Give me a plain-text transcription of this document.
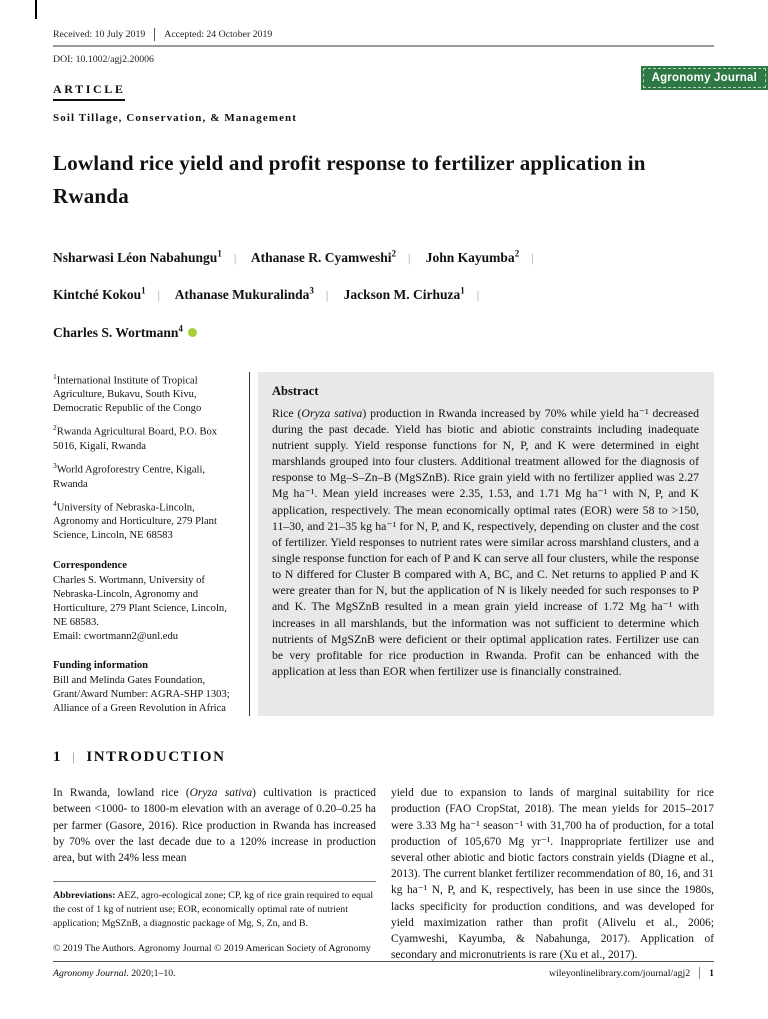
Agronomy Journal
Received: 10 July 2019 Accepted: 24 October 2019
DOI: 10.1002/agj2.20006
ARTICLE
Soil Tillage, Conservation, & Management
Lowland rice yield and profit response to fertilizer application in Rwanda
Nsharwasi Léon Nabahungu$^1$ | Athanase R. Cyamweshi$^2$ | John Kayumba$^2$ |
Kintché Kokou$^1$ | Athanase Mukuralinda$^3$ | Jackson M. Cirhuza$^1$ |
Charles S. Wortmann$^4$

$^1$International Institute of Tropical Agriculture, Bukavu, South Kivu, Democratic Republic of the Congo

$^2$Rwanda Agricultural Board, P.O. Box 5016, Kigali, Rwanda

$^3$World Agroforestry Centre, Kigali, Rwanda

$^4$University of Nebraska-Lincoln, Agronomy and Horticulture, 279 Plant Science, Lincoln, NE 68583

Correspondence
Charles S. Wortmann, University of Nebraska-Lincoln, Agronomy and Horticulture, 279 Plant Science, Lincoln, NE 68583.
Email: cwortmann2@unl.edu
Funding information
Bill and Melinda Gates Foundation, Grant/Award Number: AGRA-SHP 1303; Alliance of a Green Revolution in Africa
Abstract
Rice (Oryza sativa) production in Rwanda increased by 70% while yield ha⁻¹ decreased during the past decade. Yield has biotic and abiotic constraints including inadequate nutrient supply. Yield response functions for N, P, and K were determined in eight marshlands grouped into four clusters. Additional treatment allowed for the diagnosis of response to Mg–S–Zn–B (MgSZnB). Rice grain yield with no fertilizer applied was 2.27 Mg ha⁻¹. Mean yield increases were 2.35, 1.53, and 1.71 Mg ha⁻¹ with N, P, and K application, respectively. The mean economically optimal rates (EOR) were 58 to >150, 11–30, and 21–35 kg ha⁻¹ for N, P, and K, respectively, depending on cluster and the cost of fertilizer. Yield responses to nutrient rates were similar across marshland clusters, and a single response function for each of P and K can serve all four clusters, while the response to N differed for Cluster B compared with A, BC, and C. Net returns to applied P and K were greater than for N, but the application of N is likely needed for such responses to P and K. The MgSZnB resulted in a mean grain yield increase of 1.72 Mg ha⁻¹ with increases in all marshlands, but the information was not sufficient to determine which nutrients of MgSZnB were deficient or their optimal application rates. Fertilizer use can be very profitable for rice production in Rwanda. Profit can be enhanced with the application at less than EOR when fertilizer use is financially constrained.
1 | INTRODUCTION

In Rwanda, lowland rice (Oryza sativa) cultivation is practiced between <1000- to 1800-m elevation with an average of 0.20–0.25 ha per farmer (Gasore, 2016). Rice production in Rwanda has increased by 70% over the last decade due to a 120% increase in production area, but with 24% less mean

Abbreviations: AEZ, agro-ecological zone; CP, kg of rice grain required to equal the cost of 1 kg of nutrient use; EOR, economically optimal rate of nutrient application; MgSZnB, a diagnostic package of Mg, S, Zn, and B.

© 2019 The Authors. Agronomy Journal © 2019 American Society of Agronomy

yield due to expansion to lands of marginal suitability for rice production (FAO CropStat, 2018). The mean yields for 2015–2017 were 3.33 Mg ha⁻¹ season⁻¹ with 31,700 ha of production, for a total production of 105,670 Mg yr⁻¹. Inappropriate fertilizer use and several other abiotic and biotic factors constrain yields (Diagne et al., 2013). The current blanket fertilizer recommendation of 80, 16, and 31 kg ha⁻¹ N, P, and K, respectively, has been in use since the 1980s, lacks specificity for production conditions, and was developed for yield maximization rather than profit (Alivelu et al., 2006; Cyamweshi, Kayumba, & Nabahunga, 2017). Application of secondary and micronutrients is rare (Xu et al., 2017).

Agronomy Journal. 2020;1–10.	wileyonlinelibrary.com/journal/agj2 1
